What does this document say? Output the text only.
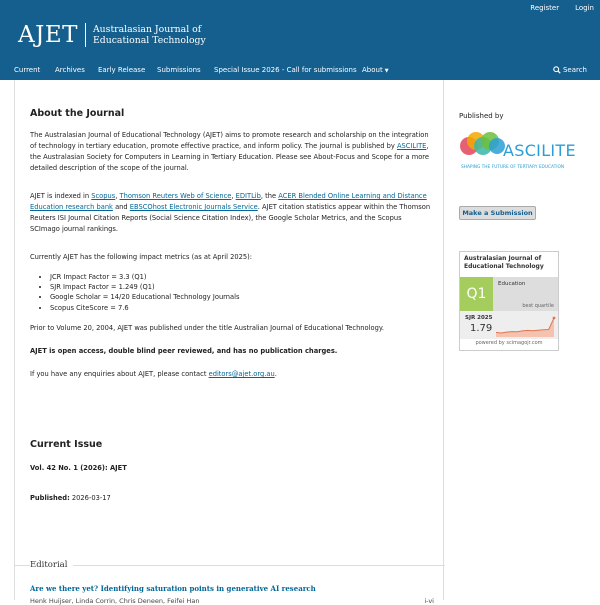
Register Login
AJET Australasian Journal of
Educational Technology
Current Archives Early Release Submissions Special Issue 2026 - Call for submissions About ▼	Search
About the Journal

The Australasian Journal of Educational Technology (AJET) aims to promote research and scholarship on the integration of technology in tertiary education, promote effective practice, and inform policy. The journal is published by ASCILITE, the Australasian Society for Computers in Learning in Tertiary Education. Please see About-Focus and Scope for a more detailed description of the scope of the journal.

AJET is indexed in Scopus, Thomson Reuters Web of Science, EDITLib, the ACER Blended Online Learning and Distance Education research bank and EBSCOhost Electronic Journals Service. AJET citation statistics appear within the Thomson Reuters ISI Journal Citation Reports (Social Science Citation Index), the Google Scholar Metrics, and the Scopus SCImago journal rankings.

Currently AJET has the following impact metrics (as at April 2025):

• JCR Impact Factor = 3.3 (Q1)
• SJR Impact Factor = 1.249 (Q1)
• Google Scholar = 14/20 Educational Technology Journals
• Scopus CiteScore = 7.6

Prior to Volume 20, 2004, AJET was published under the title Australian Journal of Educational Technology.

AJET is open access, double blind peer reviewed, and has no publication charges.

If you have any enquiries about AJET, please contact editors@ajet.org.au.

Current Issue
Vol. 42 No. 1 (2026): AJET
Published: 2026-03-17
Editorial
Are we there yet? Identifying saturation points in generative AI research
Henk Huijser, Linda Corrin, Chris Deneen, Feifei Han	i-vi
Published by
ASCILITE
SHAPING THE FUTURE OF TERTIARY EDUCATION
Make a Submission
Australasian Journal of Educational Technology
Q1
Education
best quartile
SJR 2025
1.79
powered by scimagojr.com
